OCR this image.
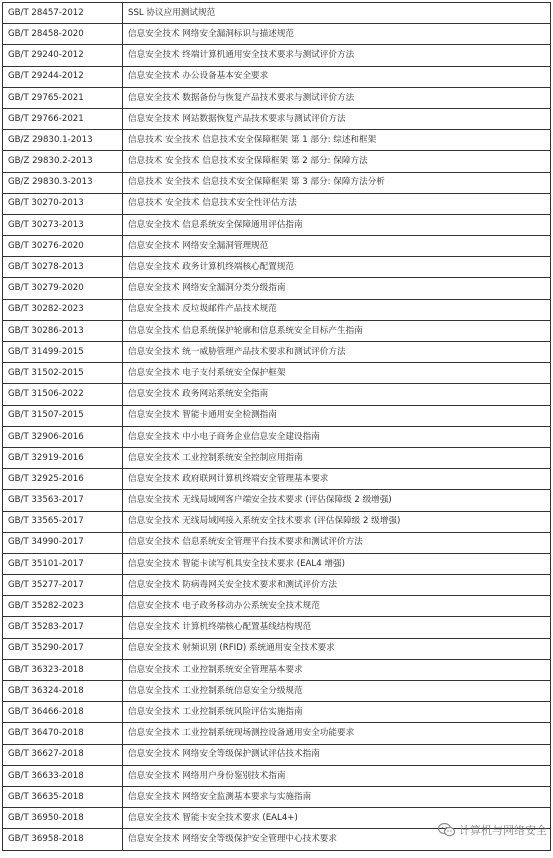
GB/T 28457-2012	SSL 协议应用测试规范
GB/T 28458-2020	信息安全技术 网络安全漏洞标识与描述规范
GB/T 29240-2012	信息安全技术 终端计算机通用安全技术要求与测试评价方法
GB/T 29244-2012	信息安全技术 办公设备基本安全要求
GB/T 29765-2021	信息安全技术 数据备份与恢复产品技术要求与测试评价方法
GB/T 29766-2021	信息安全技术 网站数据恢复产品技术要求与测试评价方法
GB/Z 29830.1-2013	信息技术 安全技术 信息技术安全保障框架 第 1 部分: 综述和框架
GB/Z 29830.2-2013	信息技术 安全技术 信息技术安全保障框架 第 2 部分: 保障方法
GB/Z 29830.3-2013	信息技术 安全技术 信息技术安全保障框架 第 3 部分: 保障方法分析
GB/T 30270-2013	信息技术 安全技术 信息技术安全性评估方法
GB/T 30273-2013	信息安全技术 信息系统安全保障通用评估指南
GB/T 30276-2020	信息安全技术 网络安全漏洞管理规范
GB/T 30278-2013	信息安全技术 政务计算机终端核心配置规范
GB/T 30279-2020	信息安全技术 网络安全漏洞分类分级指南
GB/T 30282-2023	信息安全技术 反垃圾邮件产品技术规范
GB/T 30286-2013	信息安全技术 信息系统保护轮廓和信息系统安全目标产生指南
GB/T 31499-2015	信息安全技术 统一威胁管理产品技术要求和测试评价方法
GB/T 31502-2015	信息安全技术 电子支付系统安全保护框架
GB/T 31506-2022	信息安全技术 政务网站系统安全指南
GB/T 31507-2015	信息安全技术 智能卡通用安全检测指南
GB/T 32906-2016	信息安全技术 中小电子商务企业信息安全建设指南
GB/T 32919-2016	信息安全技术 工业控制系统安全控制应用指南
GB/T 32925-2016	信息安全技术 政府联网计算机终端安全管理基本要求
GB/T 33563-2017	信息安全技术 无线局域网客户端安全技术要求 (评估保障级 2 级增强)
GB/T 33565-2017	信息安全技术 无线局域网接入系统安全技术要求 (评估保障级 2 级增强)
GB/T 34990-2017	信息安全技术 信息系统安全管理平台技术要求和测试评价方法
GB/T 35101-2017	信息安全技术 智能卡读写机具安全技术要求 (EAL4 增强)
GB/T 35277-2017	信息安全技术 防病毒网关安全技术要求和测试评价方法
GB/T 35282-2023	信息安全技术 电子政务移动办公系统安全技术规范
GB/T 35283-2017	信息安全技术 计算机终端核心配置基线结构规范
GB/T 35290-2017	信息安全技术 射频识别 (RFID) 系统通用安全技术要求
GB/T 36323-2018	信息安全技术 工业控制系统安全管理基本要求
GB/T 36324-2018	信息安全技术 工业控制系统信息安全分级规范
GB/T 36466-2018	信息安全技术 工业控制系统风险评估实施指南
GB/T 36470-2018	信息安全技术 工业控制系统现场测控设备通用安全功能要求
GB/T 36627-2018	信息安全技术 网络安全等级保护测试评估技术指南
GB/T 36633-2018	信息安全技术 网络用户身份鉴别技术指南
GB/T 36635-2018	信息安全技术 网络安全监测基本要求与实施指南
GB/T 36950-2018	信息安全技术 智能卡安全技术要求 (EAL4+)
GB/T 36958-2018	信息安全技术 网络安全等级保护安全管理中心技术要求
计算机与网络安全
